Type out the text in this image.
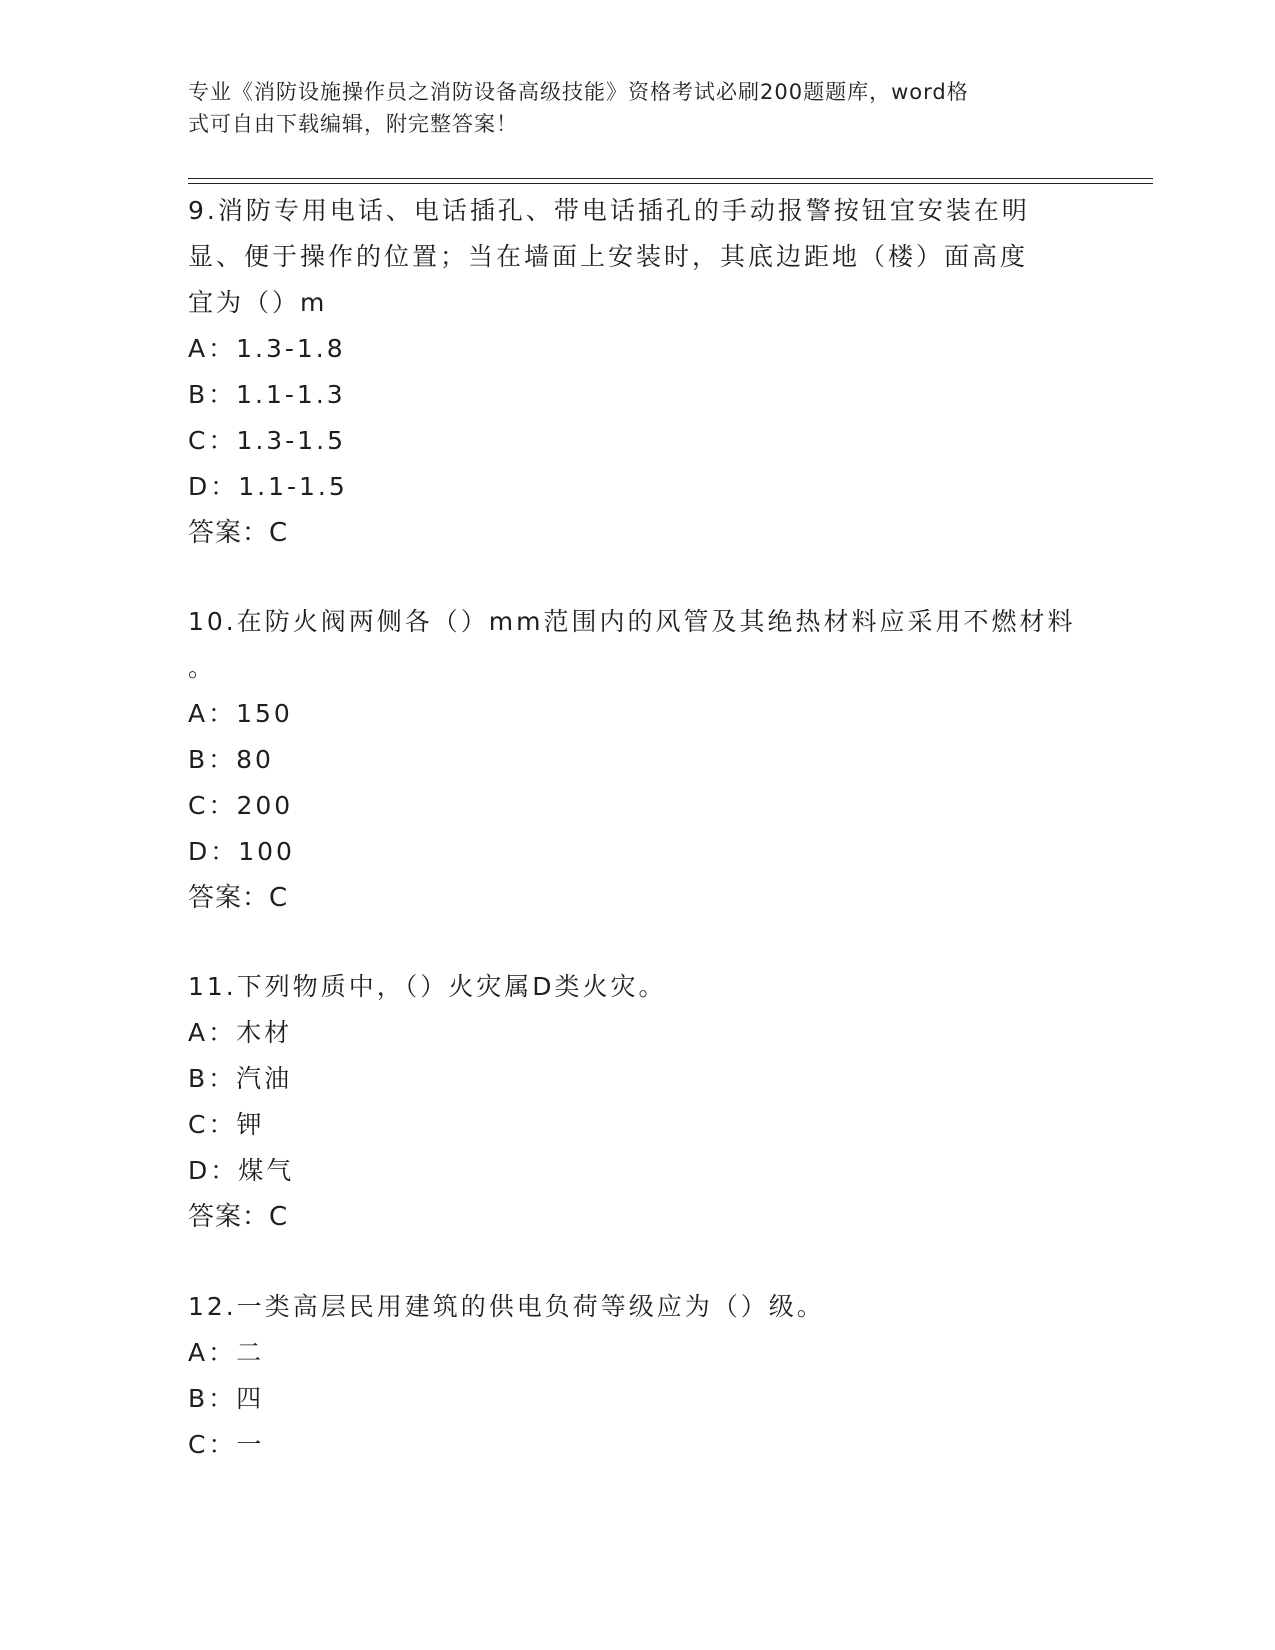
专业《消防设施操作员之消防设备高级技能》资格考试必刷200题题库，word格
式可自由下载编辑，附完整答案！
9.消防专用电话、电话插孔、带电话插孔的手动报警按钮宜安装在明
显、便于操作的位置；当在墙面上安装时，其底边距地（楼）面高度
宜为（）m
A：1.3-1.8
B：1.1-1.3
C：1.3-1.5
D：1.1-1.5
答案：C
10.在防火阀两侧各（）mm范围内的风管及其绝热材料应采用不燃材料
。
A：150
B：80
C：200
D：100
答案：C
11.下列物质中，（）火灾属D类火灾。
A：木材
B：汽油
C：钾
D：煤气
答案：C
12.一类高层民用建筑的供电负荷等级应为（）级。
A：二
B：四
C：一
